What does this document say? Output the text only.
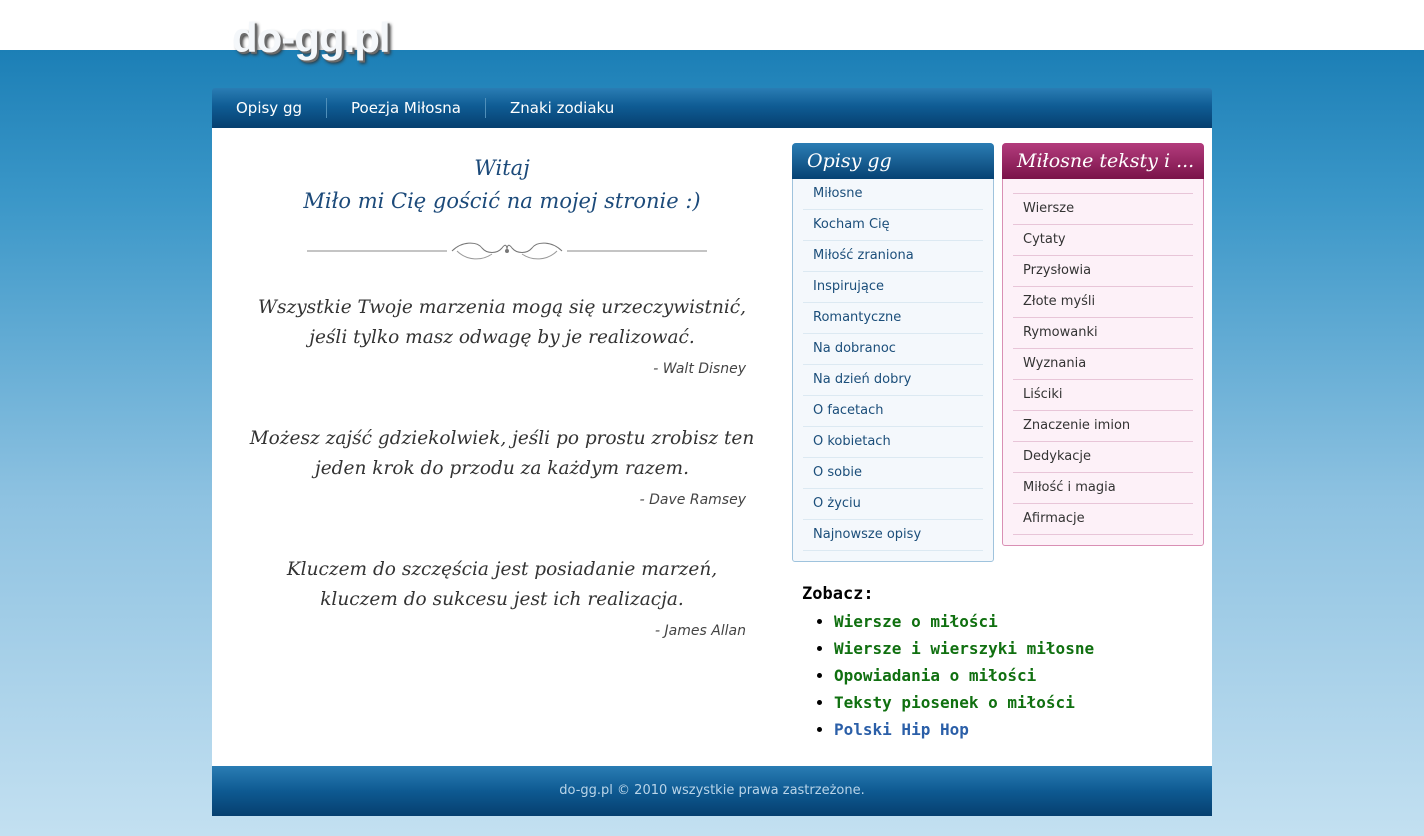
do-gg.pl
Opisy gg	Poezja Miłosna	Znaki zodiaku
Witaj
Miło mi Cię gościć na mojej stronie :)
Wszystkie Twoje marzenia mogą się urzeczywistnić,
jeśli tylko masz odwagę by je realizować.
- Walt Disney
Możesz zajść gdziekolwiek, jeśli po prostu zrobisz ten
jeden krok do przodu za każdym razem.
- Dave Ramsey
Kluczem do szczęścia jest posiadanie marzeń,
kluczem do sukcesu jest ich realizacja.
- James Allan
Opisy gg
Miłosne
Kocham Cię
Miłość zraniona
Inspirujące
Romantyczne
Na dobranoc
Na dzień dobry
O facetach
O kobietach
O sobie
O życiu
Najnowsze opisy
Miłosne teksty i ...
Wiersze
Cytaty
Przysłowia
Złote myśli
Rymowanki
Wyznania
Liściki
Znaczenie imion
Dedykacje
Miłość i magia
Afirmacje
Zobacz:
• Wiersze o miłości
• Wiersze i wierszyki miłosne
• Opowiadania o miłości
• Teksty piosenek o miłości
• Polski Hip Hop
do-gg.pl © 2010 wszystkie prawa zastrzeżone.
